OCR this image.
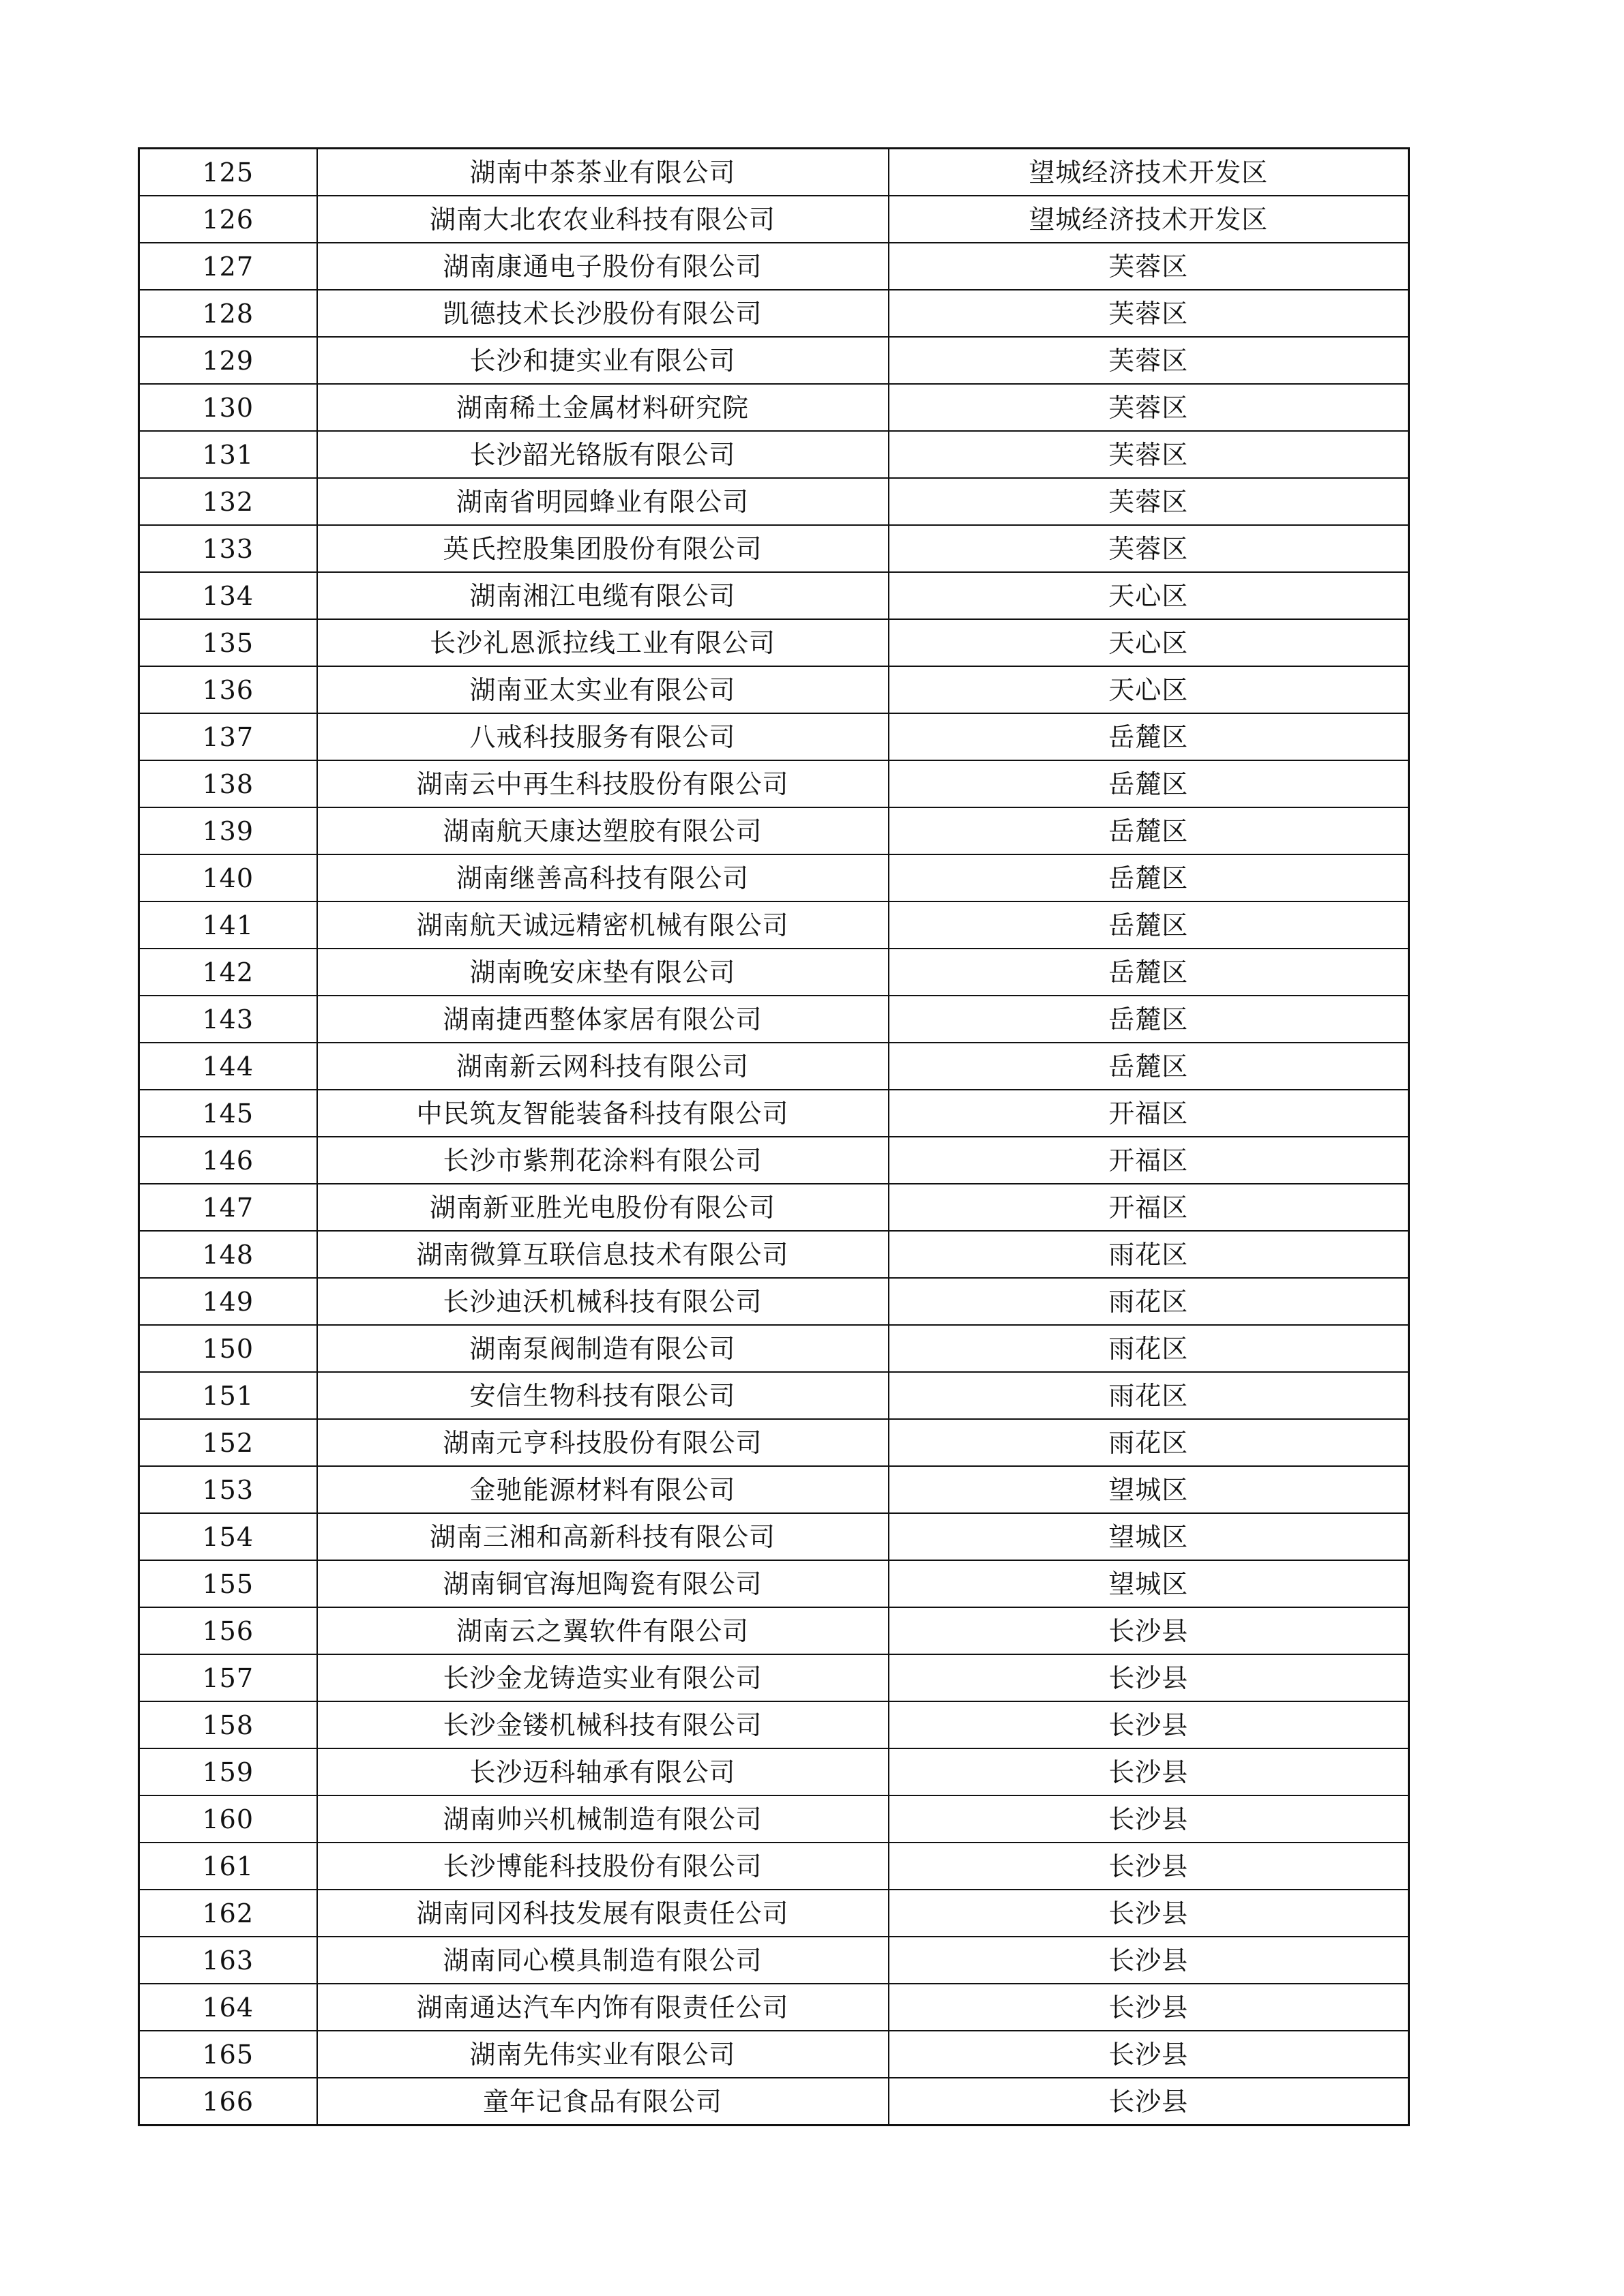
125	湖南中茶茶业有限公司	望城经济技术开发区
126	湖南大北农农业科技有限公司	望城经济技术开发区
127	湖南康通电子股份有限公司	芙蓉区
128	凯德技术长沙股份有限公司	芙蓉区
129	长沙和捷实业有限公司	芙蓉区
130	湖南稀土金属材料研究院	芙蓉区
131	长沙韶光铬版有限公司	芙蓉区
132	湖南省明园蜂业有限公司	芙蓉区
133	英氏控股集团股份有限公司	芙蓉区
134	湖南湘江电缆有限公司	天心区
135	长沙礼恩派拉线工业有限公司	天心区
136	湖南亚太实业有限公司	天心区
137	八戒科技服务有限公司	岳麓区
138	湖南云中再生科技股份有限公司	岳麓区
139	湖南航天康达塑胶有限公司	岳麓区
140	湖南继善高科技有限公司	岳麓区
141	湖南航天诚远精密机械有限公司	岳麓区
142	湖南晚安床垫有限公司	岳麓区
143	湖南捷西整体家居有限公司	岳麓区
144	湖南新云网科技有限公司	岳麓区
145	中民筑友智能装备科技有限公司	开福区
146	长沙市紫荆花涂料有限公司	开福区
147	湖南新亚胜光电股份有限公司	开福区
148	湖南微算互联信息技术有限公司	雨花区
149	长沙迪沃机械科技有限公司	雨花区
150	湖南泵阀制造有限公司	雨花区
151	安信生物科技有限公司	雨花区
152	湖南元亨科技股份有限公司	雨花区
153	金驰能源材料有限公司	望城区
154	湖南三湘和高新科技有限公司	望城区
155	湖南铜官海旭陶瓷有限公司	望城区
156	湖南云之翼软件有限公司	长沙县
157	长沙金龙铸造实业有限公司	长沙县
158	长沙金镂机械科技有限公司	长沙县
159	长沙迈科轴承有限公司	长沙县
160	湖南帅兴机械制造有限公司	长沙县
161	长沙博能科技股份有限公司	长沙县
162	湖南同冈科技发展有限责任公司	长沙县
163	湖南同心模具制造有限公司	长沙县
164	湖南通达汽车内饰有限责任公司	长沙县
165	湖南先伟实业有限公司	长沙县
166	童年记食品有限公司	长沙县
